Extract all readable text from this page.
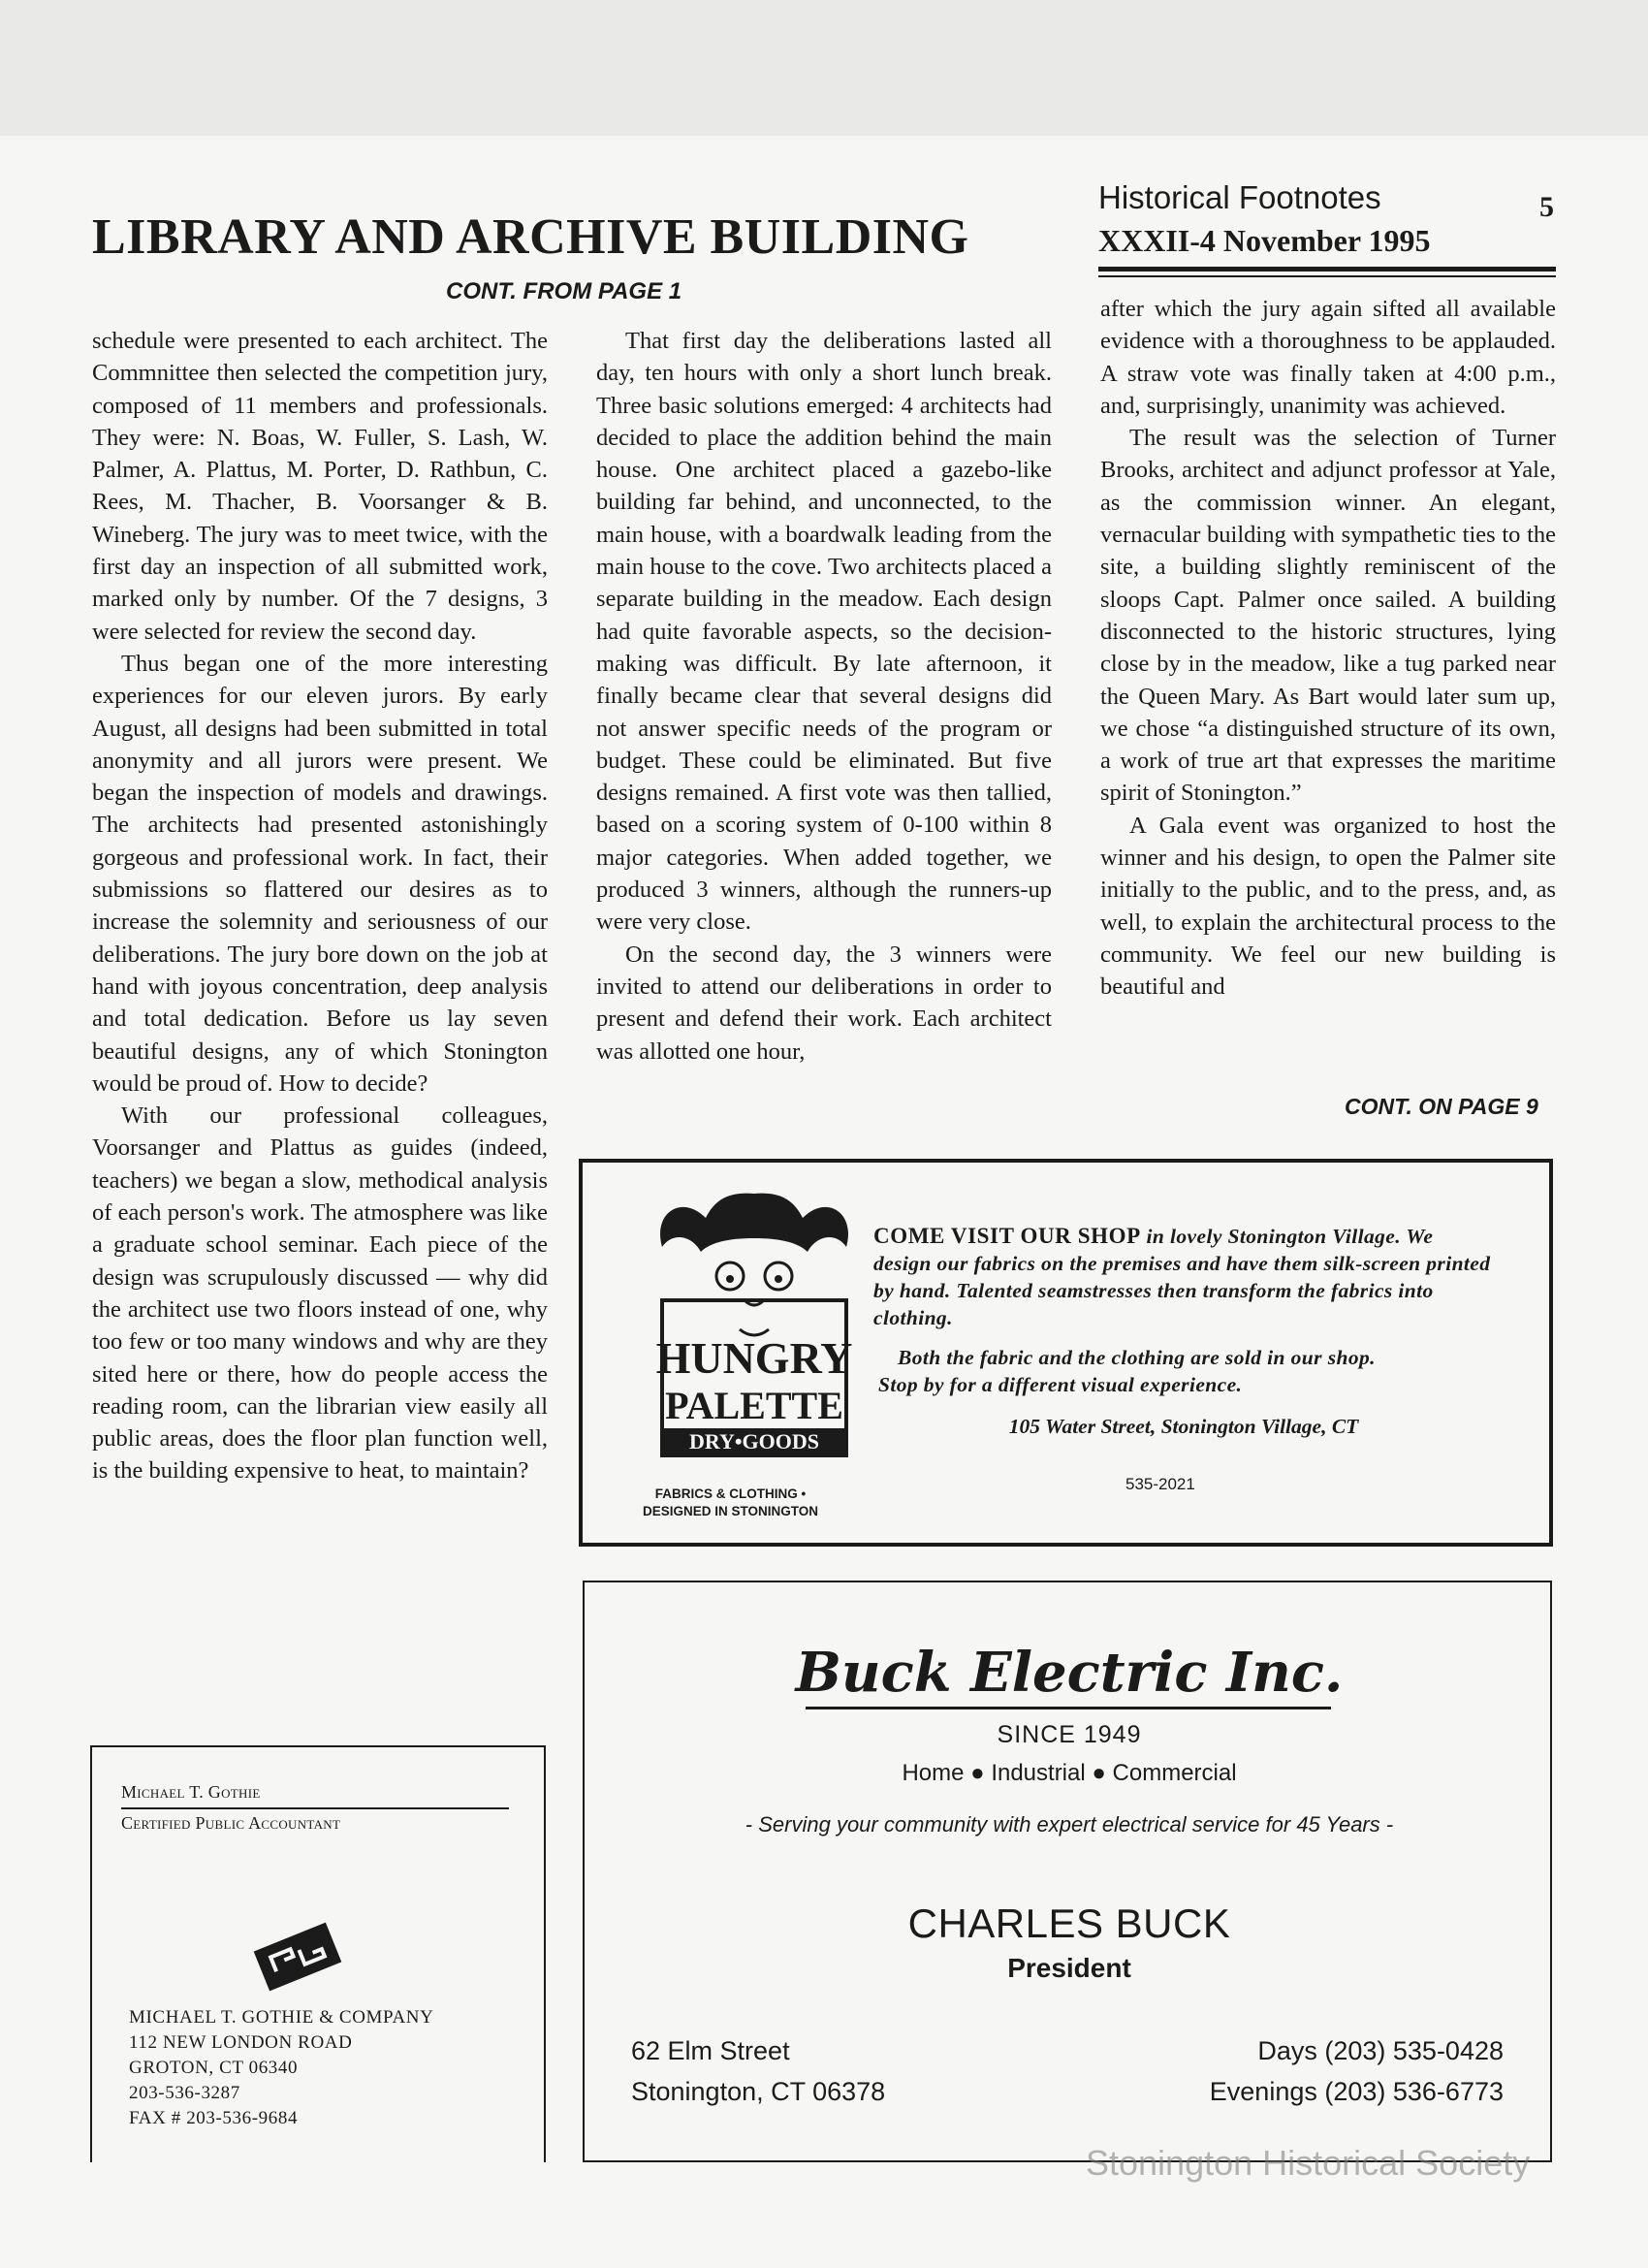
LIBRARY AND ARCHIVE BUILDING
CONT. FROM PAGE 1
Historical Footnotes
XXXII-4 November 1995
5

schedule were presented to each architect. The Commnittee then selected the competition jury, composed of 11 members and professionals. They were: N. Boas, W. Fuller, S. Lash, W. Palmer, A. Plattus, M. Porter, D. Rathbun, C. Rees, M. Thacher, B. Voorsanger & B. Wineberg. The jury was to meet twice, with the first day an inspection of all submitted work, marked only by number. Of the 7 designs, 3 were selected for review the second day.

Thus began one of the more interesting experiences for our eleven jurors. By early August, all designs had been submitted in total anonymity and all jurors were present. We began the inspection of models and drawings. The architects had presented astonishingly gorgeous and professional work. In fact, their submissions so flattered our desires as to increase the solemnity and seriousness of our deliberations. The jury bore down on the job at hand with joyous concentration, deep analysis and total dedication. Before us lay seven beautiful designs, any of which Stonington would be proud of. How to decide?

With our professional colleagues, Voorsanger and Plattus as guides (indeed, teachers) we began a slow, methodical analysis of each person's work. The atmosphere was like a graduate school seminar. Each piece of the design was scrupulously discussed — why did the architect use two floors instead of one, why too few or too many windows and why are they sited here or there, how do people access the reading room, can the librarian view easily all public areas, does the floor plan function well, is the building expensive to heat, to maintain?

That first day the deliberations lasted all day, ten hours with only a short lunch break. Three basic solutions emerged: 4 architects had decided to place the addition behind the main house. One architect placed a gazebo-like building far behind, and unconnected, to the main house, with a boardwalk leading from the main house to the cove. Two architects placed a separate building in the meadow. Each design had quite favorable aspects, so the decision-making was difficult. By late afternoon, it finally became clear that several designs did not answer specific needs of the program or budget. These could be eliminated. But five designs remained. A first vote was then tallied, based on a scoring system of 0-100 within 8 major categories. When added together, we produced 3 winners, although the runners-up were very close.

On the second day, the 3 winners were invited to attend our deliberations in order to present and defend their work. Each architect was allotted one hour,

after which the jury again sifted all available evidence with a thoroughness to be applauded. A straw vote was finally taken at 4:00 p.m., and, surprisingly, unanimity was achieved.

The result was the selection of Turner Brooks, architect and adjunct professor at Yale, as the commission winner. An elegant, vernacular building with sympathetic ties to the site, a building slightly reminiscent of the sloops Capt. Palmer once sailed. A building disconnected to the historic structures, lying close by in the meadow, like a tug parked near the Queen Mary. As Bart would later sum up, we chose “a distinguished structure of its own, a work of true art that expresses the maritime spirit of Stonington.”

A Gala event was organized to host the winner and his design, to open the Palmer site initially to the public, and to the press, and, as well, to explain the architectural process to the community. We feel our new building is beautiful and

CONT. ON PAGE 9
HUNGRY
PALETTE
DRY•GOODS
FABRICS & CLOTHING • DESIGNED IN STONINGTON
COME VISIT OUR SHOP in lovely Stonington Village. We design our fabrics on the premises and have them silk-screen printed by hand. Talented seamstresses then transform the fabrics into clothing.
Both the fabric and the clothing are sold in our shop.
Stop by for a different visual experience.
105 Water Street, Stonington Village, CT
535-2021
Buck Electric Inc.
SINCE 1949
Home ● Industrial ● Commercial
- Serving your community with expert electrical service for 45 Years -
CHARLES BUCK
President
62 Elm Street
Stonington, CT 06378
Days (203) 535-0428
Evenings (203) 536-6773
Michael T. Gothie
Certified Public Accountant
MICHAEL T. GOTHIE & COMPANY
112 NEW LONDON ROAD
GROTON, CT 06340
203-536-3287
FAX # 203-536-9684
Stonington Historical Society
